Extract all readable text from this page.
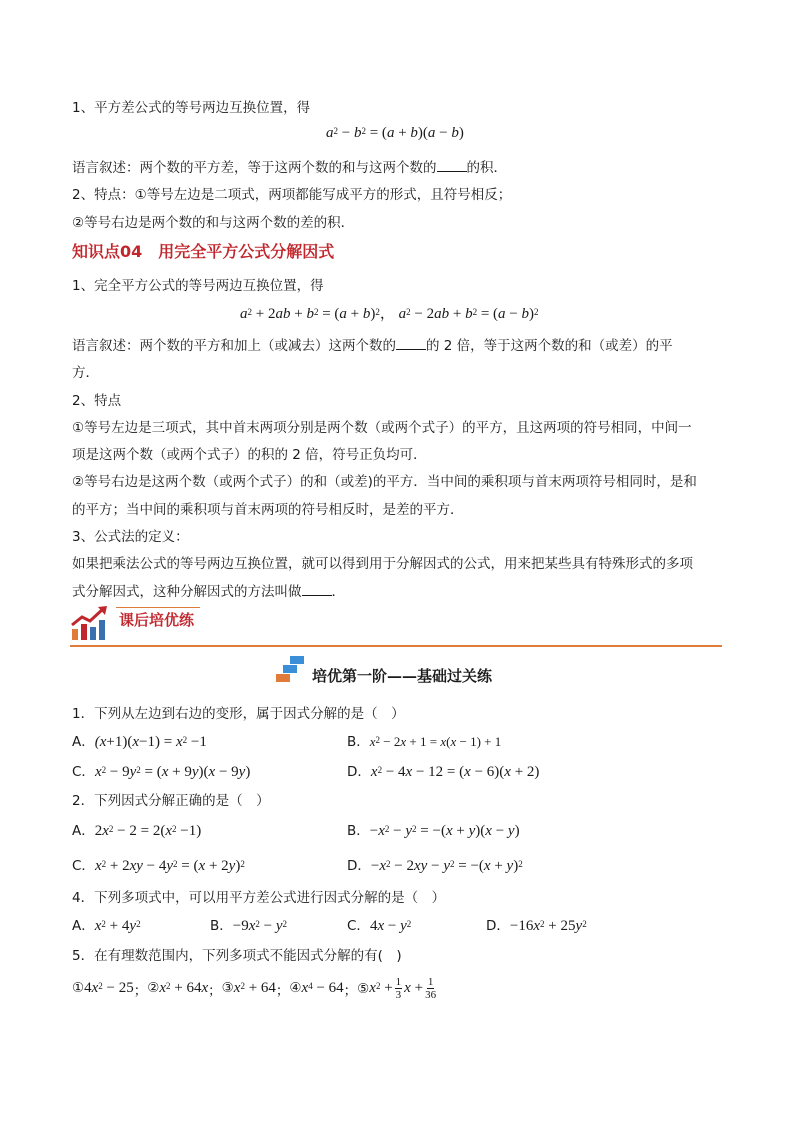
1、平方差公式的等号两边互换位置，得
$a^2 - b^2 = (a + b)(a - b)$
语言叙述：两个数的平方差，等于这两个数的和与这两个数的 的积．
2、特点：①等号左边是二项式，两项都能写成平方的形式，且符号相反；
②等号右边是两个数的和与这两个数的差的积．
知识点04　用完全平方公式分解因式
1、完全平方公式的等号两边互换位置，得
$a^2 + 2ab + b^2 = (a + b)^2$， $a^2 - 2ab + b^2 = (a - b)^2$
语言叙述：两个数的平方和加上（或减去）这两个数的 的 2 倍，等于这两个数的和（或差）的平
方．
2、特点
①等号左边是三项式，其中首末两项分别是两个数（或两个式子）的平方，且这两项的符号相同，中间一
项是这两个数（或两个式子）的积的 2 倍，符号正负均可．
②等号右边是这两个数（或两个式子）的和（或差)的平方．当中间的乘积项与首末两项符号相同时，是和
的平方；当中间的乘积项与首末两项的符号相反时，是差的平方．
3、公式法的定义：
如果把乘法公式的等号两边互换位置，就可以得到用于分解因式的公式，用来把某些具有特殊形式的多项
式分解因式，这种分解因式的方法叫做 ．
课后培优练
培优第一阶——基础过关练
1．下列从左边到右边的变形，属于因式分解的是（　）
A．$(x+1)(x-1) = x^2 -1$	B．$x^2 - 2x + 1 = x(x - 1) + 1$
C．$x^2 - 9y^2 = (x + 9y)(x - 9y)$	D．$x^2 - 4x - 12 = (x - 6)(x + 2)$
2．下列因式分解正确的是（　）
A．$2x^2 - 2 = 2(x^2 -1)$	B．$-x^2 - y^2 = -(x + y)(x - y)$
C．$x^2 + 2xy - 4y^2 = (x + 2y)^2$	D．$-x^2 - 2xy - y^2 = -(x + y)^2$
4．下列多项式中，可以用平方差公式进行因式分解的是（　）
A．$x^2 + 4y^2$	B．$-9x^2 - y^2$	C．$4x - y^2$	D．$-16x^2 + 25y^2$
5．在有理数范围内，下列多项式不能因式分解的有(　)
$①4x^2 - 25$ ； $②x^2 + 64x$ ； $③x^2 + 64$ ； $④x^4 - 64$ ； ⑤ $x^2 + \frac{1}{3}$ $x + \frac{1}{36}$
